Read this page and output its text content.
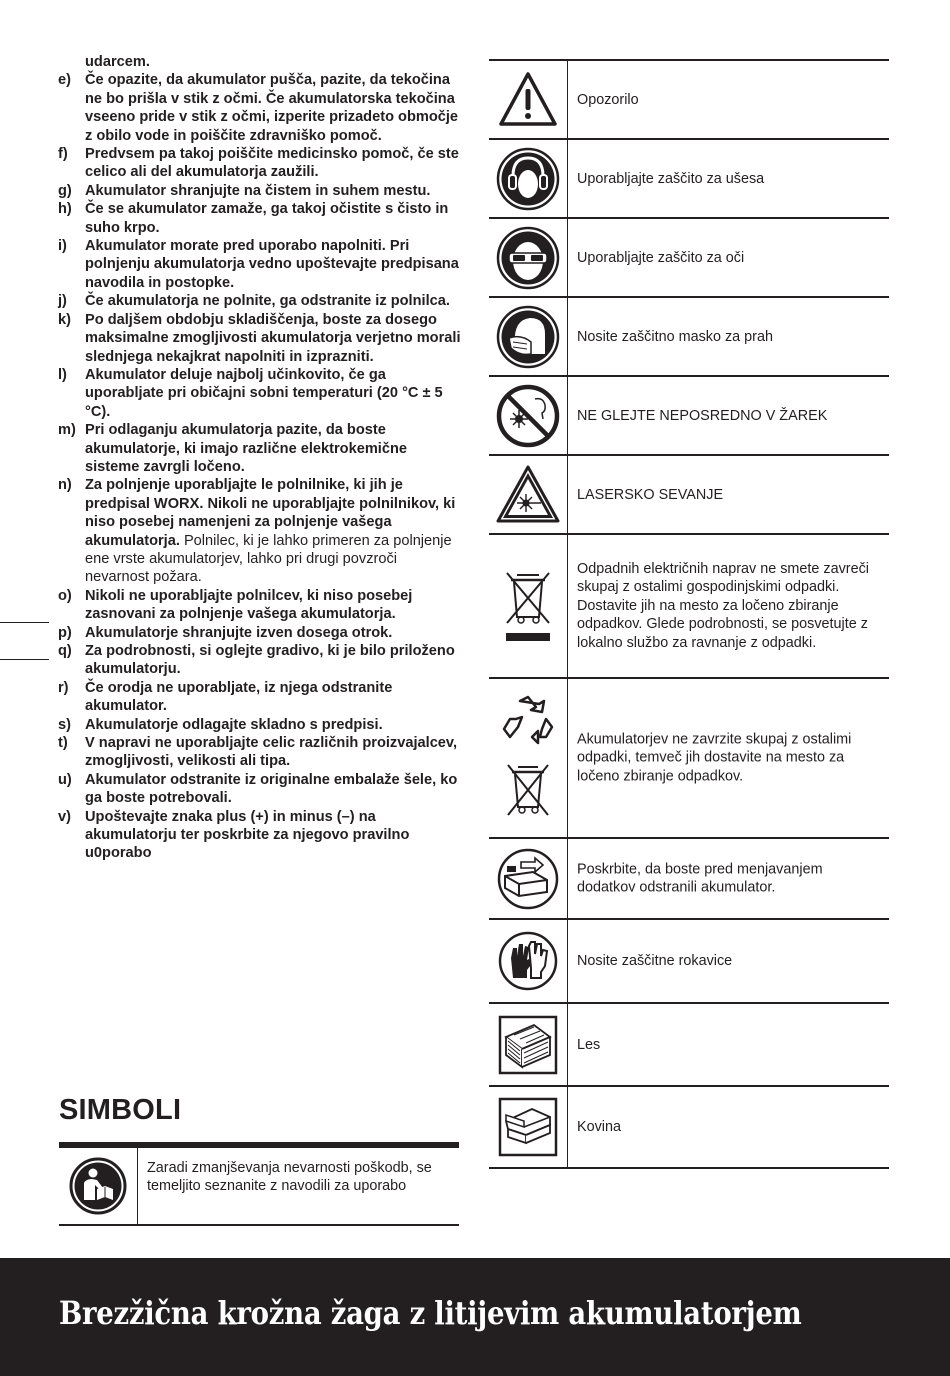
udarcem.
e) Če opazite, da akumulator pušča, pazite, da tekočina ne bo prišla v stik z očmi. Če akumulatorska tekočina vseeno pride v stik z očmi, izperite prizadeto območje z obilo vode in poiščite zdravniško pomoč.
f) Predvsem pa takoj poiščite medicinsko pomoč, če ste celico ali del akumulatorja zaužili.
g) Akumulator shranjujte na čistem in suhem mestu.
h) Če se akumulator zamaže, ga takoj očistite s čisto in suho krpo.
i) Akumulator morate pred uporabo napolniti. Pri polnjenju akumulatorja vedno upoštevajte predpisana navodila in postopke.
j) Če akumulatorja ne polnite, ga odstranite iz polnilca.
k) Po daljšem obdobju skladiščenja, boste za dosego maksimalne zmogljivosti akumulatorja verjetno morali slednjega nekajkrat napolniti in izprazniti.
l) Akumulator deluje najbolj učinkovito, če ga uporabljate pri običajni sobni temperaturi (20 °C ± 5 °C).
m) Pri odlaganju akumulatorja pazite, da boste akumulatorje, ki imajo različne elektrokemične sisteme zavrgli ločeno.
n) Za polnjenje uporabljajte le polnilnike, ki jih je predpisal WORX. Nikoli ne uporabljajte polnilnikov, ki niso posebej namenjeni za polnjenje vašega akumulatorja. Polnilec, ki je lahko primeren za polnjenje ene vrste akumulatorjev, lahko pri drugi povzroči nevarnost požara.
o) Nikoli ne uporabljajte polnilcev, ki niso posebej zasnovani za polnjenje vašega akumulatorja.
p) Akumulatorje shranjujte izven dosega otrok.
q) Za podrobnosti, si oglejte gradivo, ki je bilo priloženo akumulatorju.
r) Če orodja ne uporabljate, iz njega odstranite akumulator.
s) Akumulatorje odlagajte skladno s predpisi.
t) V napravi ne uporabljajte celic različnih proizvajalcev, zmogljivosti, velikosti ali tipa.
u) Akumulator odstranite iz originalne embalaže šele, ko ga boste potrebovali.
v) Upoštevajte znaka plus (+) in minus (–) na akumulatorju ter poskrbite za njegovo pravilno u0porabo
SIMBOLI
Zaradi zmanjševanja nevarnosti poškodb, se temeljito seznanite z navodili za uporabo
Opozorilo
Uporabljajte zaščito za ušesa
Uporabljajte zaščito za oči
Nosite zaščitno masko za prah
NE GLEJTE NEPOSREDNO V ŽAREK
LASERSKO SEVANJE
Odpadnih električnih naprav ne smete zavreči skupaj z ostalimi gospodinjskimi odpadki. Dostavite jih na mesto za ločeno zbiranje odpadkov. Glede podrobnosti, se posvetujte z lokalno službo za ravnanje z odpadki.
Akumulatorjev ne zavrzite skupaj z ostalimi odpadki, temveč jih dostavite na mesto za ločeno zbiranje odpadkov.
Poskrbite, da boste pred menjavanjem dodatkov odstranili akumulator.
Nosite zaščitne rokavice
Les
Kovina
Brezžična krožna žaga z litijevim akumulatorjem
